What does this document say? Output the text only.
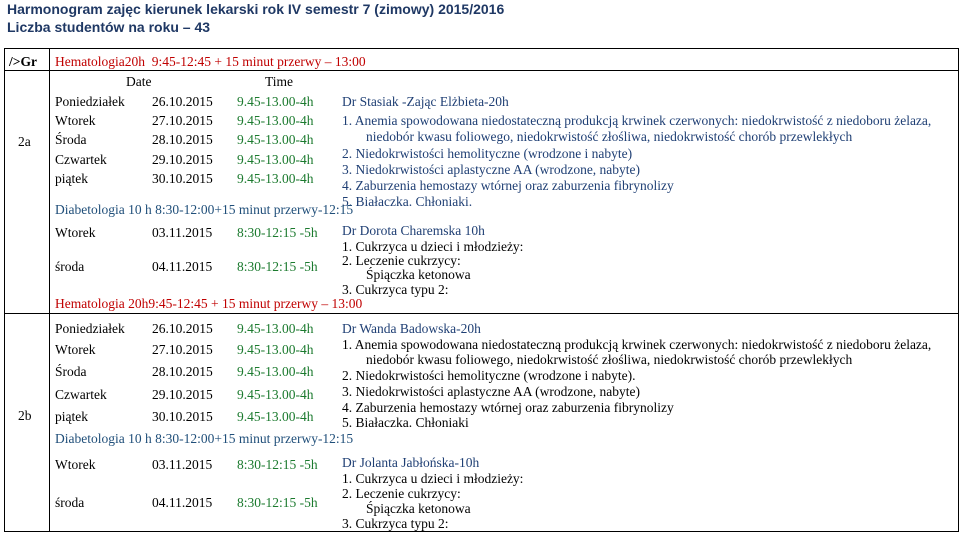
Harmonogram zajęc kierunek lekarski rok IV semestr 7 (zimowy) 2015/2016
Liczba studentów na roku – 43
/>Gr Hematologia20h 9:45-12:45 + 15 minut przerwy – 13:00
Date	Time
2a
Poniedziałek 26.10.2015 9.45-13.00-4h
Wtorek	27.10.2015 9.45-13.00-4h
Środa	28.10.2015 9.45-13.00-4h
Czwartek	29.10.2015 9.45-13.00-4h
piątek	30.10.2015 9.45-13.00-4h
Dr Stasiak -Zając Elżbieta-20h
1. Anemia spowodowana niedostateczną produkcją krwinek czerwonych: niedokrwistość z niedoboru żelaza,
niedobór kwasu foliowego, niedokrwistość złośliwa, niedokrwistość chorób przewlekłych
2. Niedokrwistości hemolityczne (wrodzone i nabyte)
3. Niedokrwistości aplastyczne AA (wrodzone, nabyte)
4. Zaburzenia hemostazy wtórnej oraz zaburzenia fibrynolizy
5. Białaczka. Chłoniaki.
Diabetologia 10 h 8:30-12:00+15 minut przerwy-12:15
Wtorek	03.11.2015 8:30-12:15 -5h
środa	04.11.2015 8:30-12:15 -5h
Dr Dorota Charemska 10h
1. Cukrzyca u dzieci i młodzieży:
2. Leczenie cukrzycy:
Śpiączka ketonowa
3. Cukrzyca typu 2:
Hematologia 20h9:45-12:45 + 15 minut przerwy – 13:00
2b
Poniedziałek 26.10.2015 9.45-13.00-4h
Wtorek	27.10.2015 9.45-13.00-4h
Środa	28.10.2015 9.45-13.00-4h
Czwartek	29.10.2015 9.45-13.00-4h
piątek	30.10.2015 9.45-13.00-4h
Dr Wanda Badowska-20h
1. Anemia spowodowana niedostateczną produkcją krwinek czerwonych: niedokrwistość z niedoboru żelaza,
niedobór kwasu foliowego, niedokrwistość złośliwa, niedokrwistość chorób przewlekłych
2. Niedokrwistości hemolityczne (wrodzone i nabyte).
3. Niedokrwistości aplastyczne AA (wrodzone, nabyte)
4. Zaburzenia hemostazy wtórnej oraz zaburzenia fibrynolizy
5. Białaczka. Chłoniaki
Diabetologia 10 h 8:30-12:00+15 minut przerwy-12:15
Wtorek	03.11.2015 8:30-12:15 -5h
środa	04.11.2015 8:30-12:15 -5h
Dr Jolanta Jabłońska-10h
1. Cukrzyca u dzieci i młodzieży:
2. Leczenie cukrzycy:
Śpiączka ketonowa
3. Cukrzyca typu 2:
